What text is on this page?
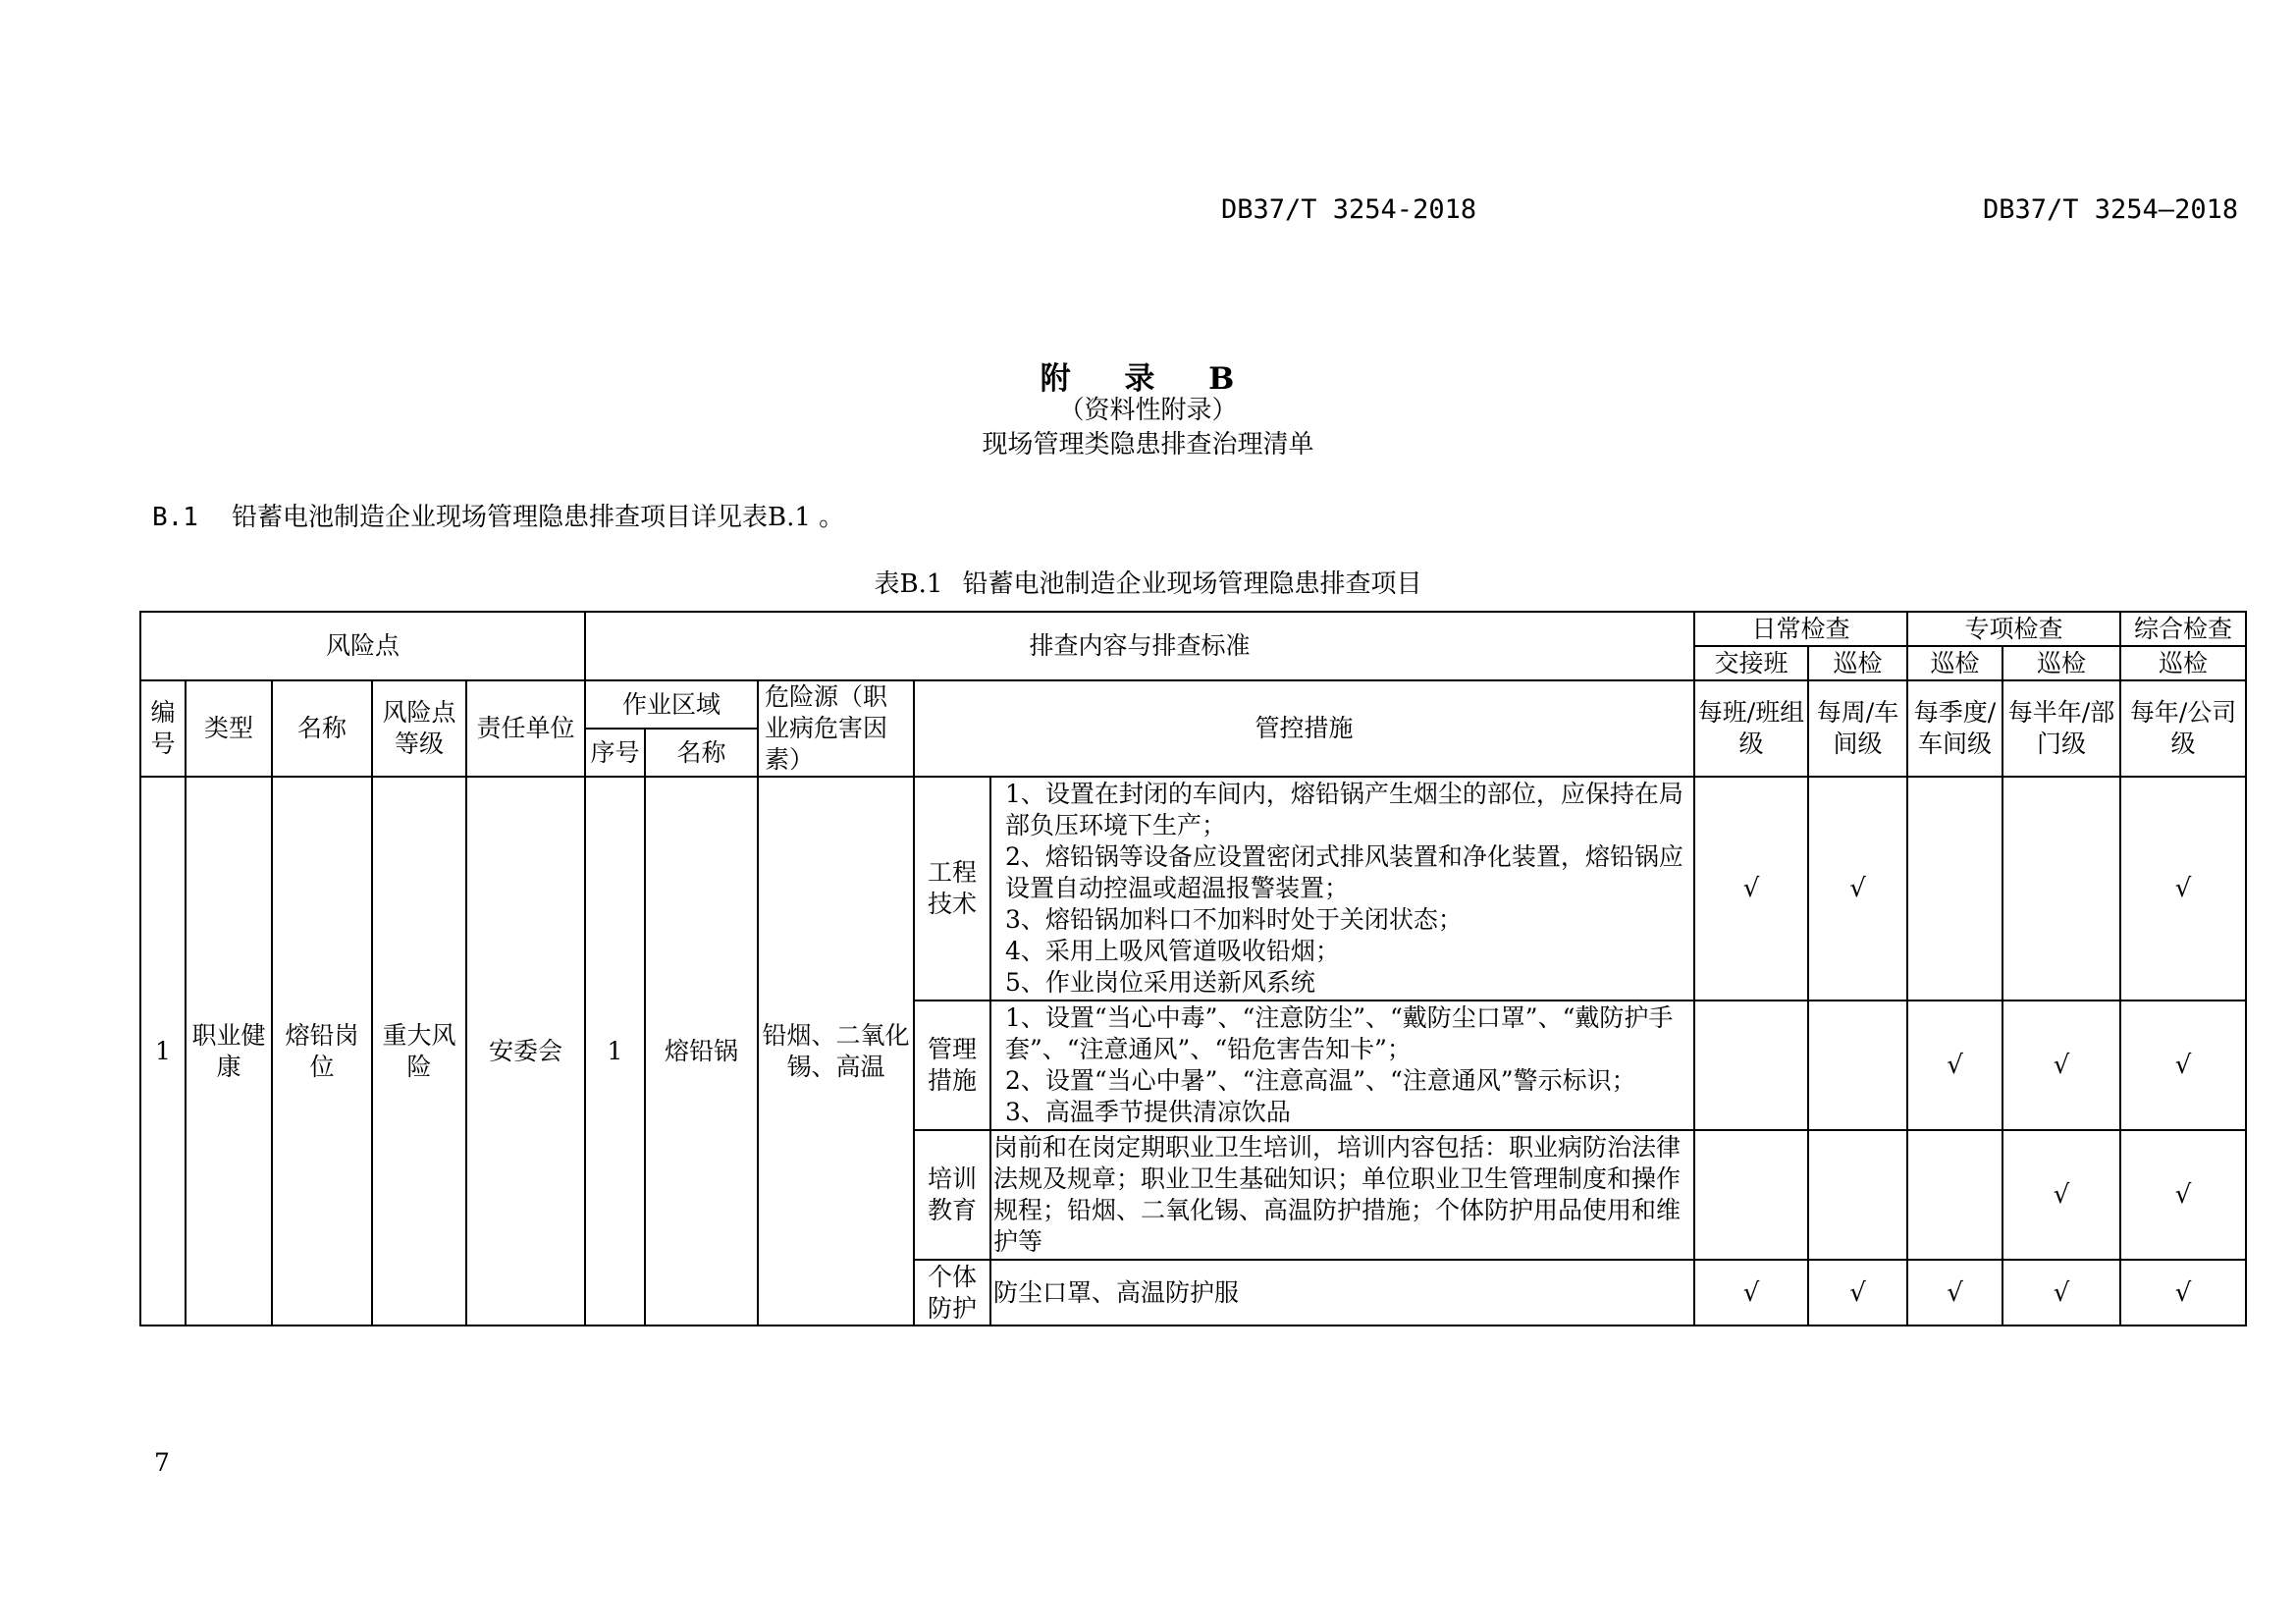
DB37/T 3254-2018	DB37/T 3254—2018
附 录 B
（资料性附录）
现场管理类隐患排查治理清单
B.1 铅蓄电池制造企业现场管理隐患排查项目详见表B.1 。
表B.1 铅蓄电池制造企业现场管理隐患排查项目
风险点					排查内容与排查标准					日常检查		专项检查		综合检查
										交接班	巡检	巡检	巡检	巡检
编号	类型	名称	风险点等级	责任单位	作业区域		危险源（职业病危害因素）	管控措施		每班/班组级	每周/车间级	每季度/车间级	每半年/部门级	每年/公司级
					序号	名称								
1	职业健康	熔铅岗位	重大风险	安委会	1	熔铅锅	铅烟、二氧化锡、高温	工程技术	1、设置在封闭的车间内，熔铅锅产生烟尘的部位，应保持在局部负压环境下生产；
2、熔铅锅等设备应设置密闭式排风装置和净化装置，熔铅锅应设置自动控温或超温报警装置；
3、熔铅锅加料口不加料时处于关闭状态；
4、采用上吸风管道吸收铅烟；
5、作业岗位采用送新风系统	√	√			√
								管理措施	1、设置“当心中毒”、“注意防尘”、“戴防尘口罩”、“戴防护手套”、“注意通风”、“铅危害告知卡”；
2、设置“当心中暑”、“注意高温”、“注意通风”警示标识；
3、高温季节提供清凉饮品			√	√	√
								培训教育	岗前和在岗定期职业卫生培训，培训内容包括：职业病防治法律法规及规章；职业卫生基础知识；单位职业卫生管理制度和操作规程；铅烟、二氧化锡、高温防护措施；个体防护用品使用和维护等				√	√
								个体防护	防尘口罩、高温防护服	√	√	√	√	√
7
